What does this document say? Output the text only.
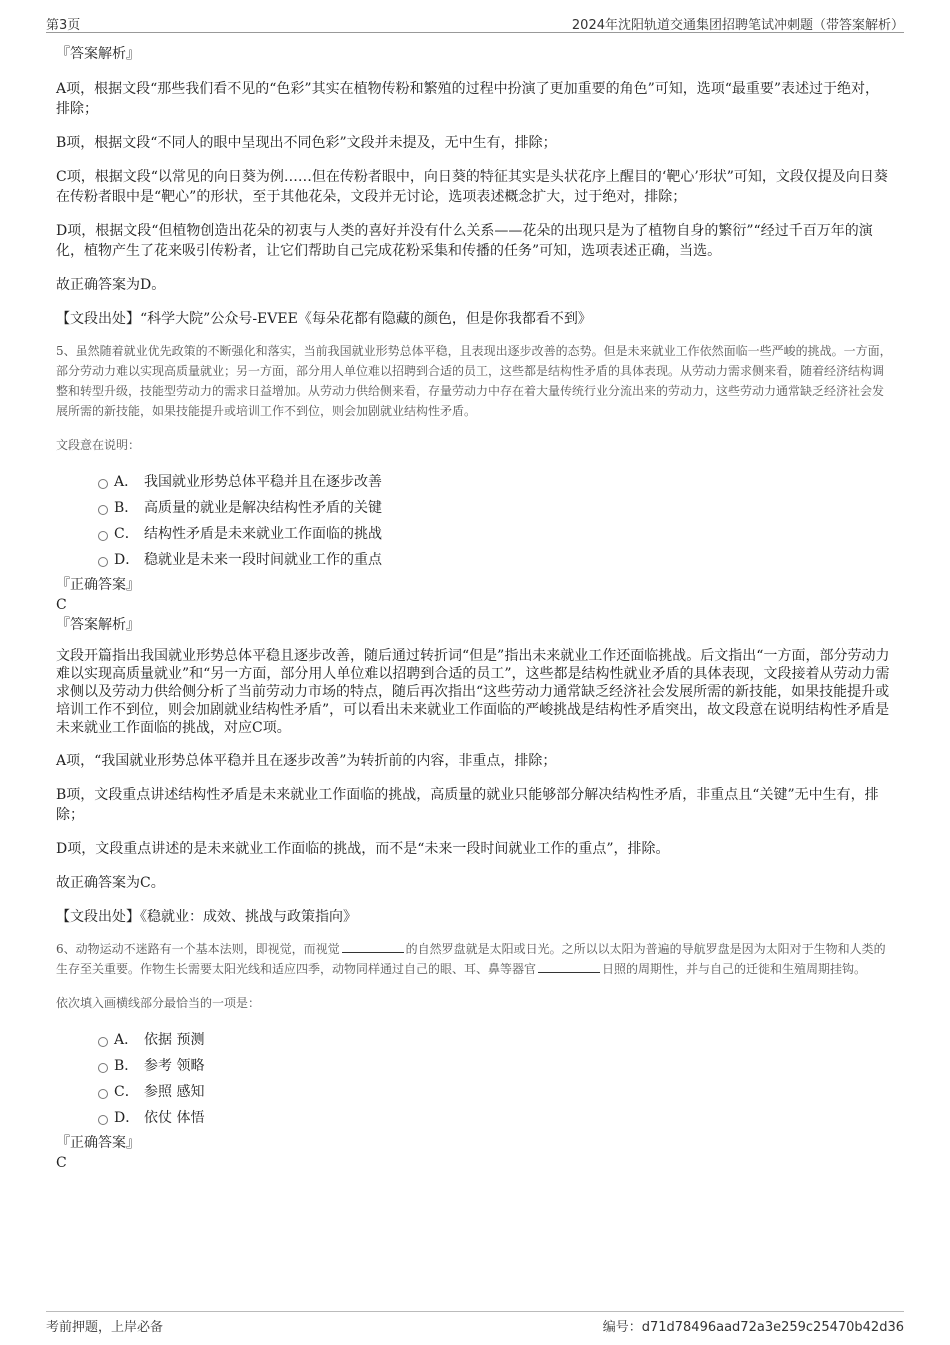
第3页	2024年沈阳轨道交通集团招聘笔试冲刺题（带答案解析）

『答案解析』

A项，根据文段“那些我们看不见的“色彩”其实在植物传粉和繁殖的过程中扮演了更加重要的角色”可知，选项“最重要”表述过于绝对，排除；

B项，根据文段“不同人的眼中呈现出不同色彩”文段并未提及，无中生有，排除；

C项，根据文段“以常见的向日葵为例……但在传粉者眼中，向日葵的特征其实是头状花序上醒目的‘靶心’形状”可知，文段仅提及向日葵在传粉者眼中是“靶心”的形状，至于其他花朵，文段并无讨论，选项表述概念扩大，过于绝对，排除；

D项，根据文段“但植物创造出花朵的初衷与人类的喜好并没有什么关系——花朵的出现只是为了植物自身的繁衍”“经过千百万年的演化，植物产生了花来吸引传粉者，让它们帮助自己完成花粉采集和传播的任务”可知，选项表述正确，当选。

故正确答案为D。

【文段出处】“科学大院”公众号-EVEE《每朵花都有隐藏的颜色，但是你我都看不到》

5、虽然随着就业优先政策的不断强化和落实，当前我国就业形势总体平稳，且表现出逐步改善的态势。但是未来就业工作依然面临一些严峻的挑战。一方面，部分劳动力难以实现高质量就业；另一方面，部分用人单位难以招聘到合适的员工，这些都是结构性矛盾的具体表现。从劳动力需求侧来看，随着经济结构调整和转型升级，技能型劳动力的需求日益增加。从劳动力供给侧来看，存量劳动力中存在着大量传统行业分流出来的劳动力，这些劳动力通常缺乏经济社会发展所需的新技能，如果技能提升或培训工作不到位，则会加剧就业结构性矛盾。

文段意在说明：

A． 我国就业形势总体平稳并且在逐步改善
B． 高质量的就业是解决结构性矛盾的关键
C． 结构性矛盾是未来就业工作面临的挑战
D． 稳就业是未来一段时间就业工作的重点

『正确答案』

C

『答案解析』

文段开篇指出我国就业形势总体平稳且逐步改善，随后通过转折词“但是”指出未来就业工作还面临挑战。后文指出“一方面，部分劳动力难以实现高质量就业”和“另一方面，部分用人单位难以招聘到合适的员工”，这些都是结构性就业矛盾的具体表现，文段接着从劳动力需求侧以及劳动力供给侧分析了当前劳动力市场的特点，随后再次指出“这些劳动力通常缺乏经济社会发展所需的新技能，如果技能提升或培训工作不到位，则会加剧就业结构性矛盾”，可以看出未来就业工作面临的严峻挑战是结构性矛盾突出，故文段意在说明结构性矛盾是未来就业工作面临的挑战，对应C项。

A项，“我国就业形势总体平稳并且在逐步改善”为转折前的内容，非重点，排除；

B项，文段重点讲述结构性矛盾是未来就业工作面临的挑战，高质量的就业只能够部分解决结构性矛盾，非重点且“关键”无中生有，排除；

D项，文段重点讲述的是未来就业工作面临的挑战，而不是“未来一段时间就业工作的重点”，排除。

故正确答案为C。

【文段出处】《稳就业：成效、挑战与政策指向》

6、动物运动不迷路有一个基本法则，即视觉，而视觉	的自然罗盘就是太阳或日光。之所以以太阳为普遍的导航罗盘是因为太阳对于生物和人类的生存至关重要。作物生长需要太阳光线和适应四季，动物同样通过自己的眼、耳、鼻等器官	日照的周期性，并与自己的迁徙和生殖周期挂钩。

依次填入画横线部分最恰当的一项是：

A． 依据 预测
B． 参考 领略
C． 参照 感知
D． 依仗 体悟

『正确答案』

C

考前押题，上岸必备	编号：d71d78496aad72a3e259c25470b42d36
